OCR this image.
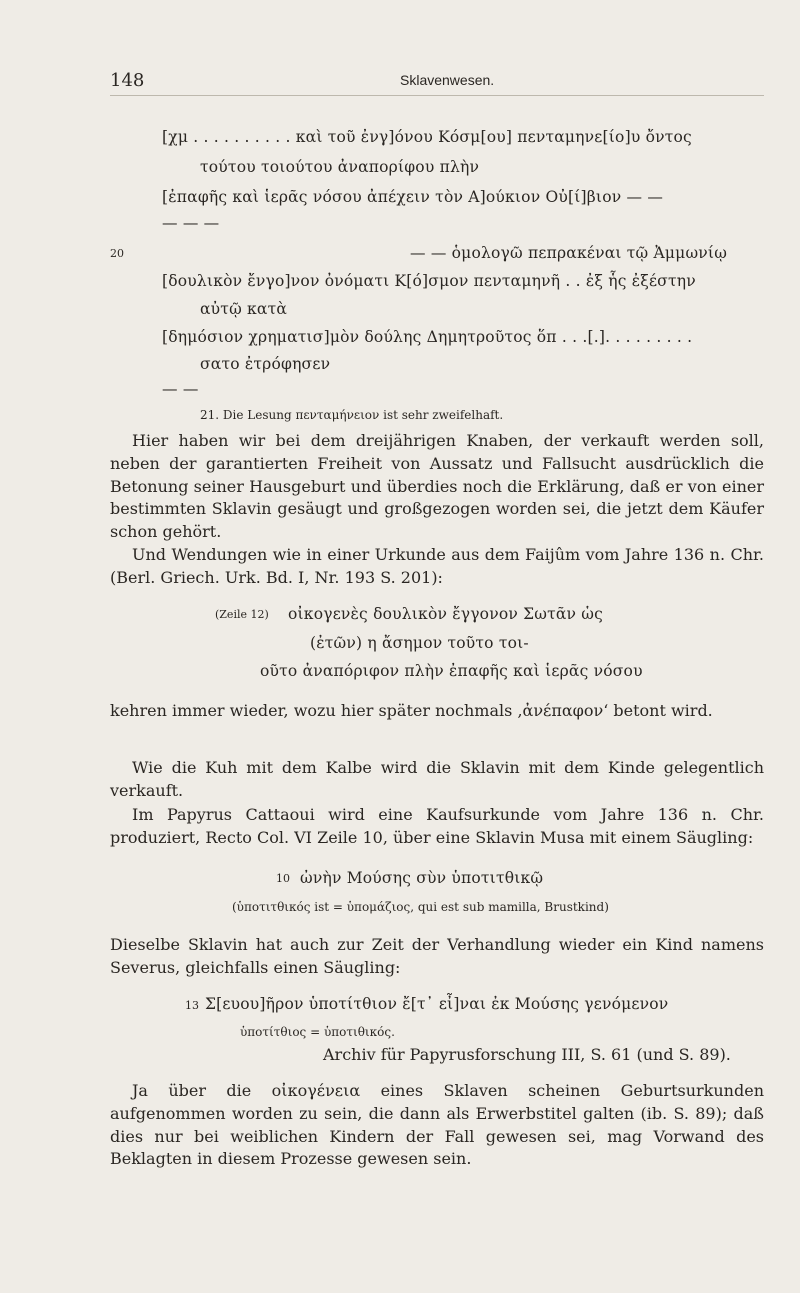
148	Sklavenwesen.
[χμ . . . . . . . . . . καὶ τοῦ ἐνγ]όνου Κόσμ[ου] πενταμηνε[ίο]υ ὄντος
τούτου τοιούτου ἀναπορίφου πλὴν
[ἐπαφῆς καὶ ἱερᾶς νόσου ἀπέχειν τὸν Α]ούκιον Οὐ[ί]βιον — —
— — —
20	— — ὁμολογῶ πεπρακέναι τῷ Ἀμμωνίῳ
[δουλικὸν ἔνγο]νον ὀνόματι Κ[ό]σμον πενταμηνῆ . . ἐξ ἧς ἐξέστην
αὐτῷ κατὰ
[δημόσιον χρηματισ]μὸν δούλης Δημητροῦτος ὅπ . . .[.]. . . . . . . . .
σατο ἐτρόφησεν
— —
21. Die Lesung πενταμήνειον ist sehr zweifelhaft.
Hier haben wir bei dem dreijährigen Knaben, der verkauft werden soll, neben der garantierten Freiheit von Aussatz und Fallsucht ausdrücklich die Betonung seiner Hausgeburt und überdies noch die Erklärung, daß er von einer bestimmten Sklavin gesäugt und großgezogen worden sei, die jetzt dem Käufer schon gehört.
Und Wendungen wie in einer Urkunde aus dem Faijûm vom Jahre 136 n. Chr. (Berl. Griech. Urk. Bd. I, Nr. 193 S. 201):
(Zeile 12) οἰκογενὲς δουλικὸν ἔγγονον Σωτᾶν ὡς
(ἐτῶν) η ἄσημον τοῦτο τοι-
οῦτο ἀναπόριφον πλὴν ἐπαφῆς καὶ ἱερᾶς νόσου
kehren immer wieder, wozu hier später nochmals ‚ἀνέπαφον‘ betont wird.
Wie die Kuh mit dem Kalbe wird die Sklavin mit dem Kinde gelegentlich verkauft.
Im Papyrus Cattaoui wird eine Kaufsurkunde vom Jahre 136 n. Chr. produziert, Recto Col. VI Zeile 10, über eine Sklavin Musa mit einem Säugling:
10 ὠνὴν Μούσης σὺν ὑποτιτθικῷ
(ὑποτιτθικός ist = ὑπομάζιος, qui est sub mamilla, Brustkind)
Dieselbe Sklavin hat auch zur Zeit der Verhandlung wieder ein Kind namens Severus, gleichfalls einen Säugling:
13 Σ[ευου]ῆρον ὑποτίτθιον ἔ[τ᾽ εἶ]ναι ἐκ Μούσης γενόμενον
ὑποτίτθιος = ὑποτιθικός.
Archiv für Papyrusforschung III, S. 61 (und S. 89).
Ja über die οἰκογένεια eines Sklaven scheinen Geburtsurkunden aufgenommen worden zu sein, die dann als Erwerbstitel galten (ib. S. 89); daß dies nur bei weiblichen Kindern der Fall gewesen sei, mag Vorwand des Beklagten in diesem Prozesse gewesen sein.
